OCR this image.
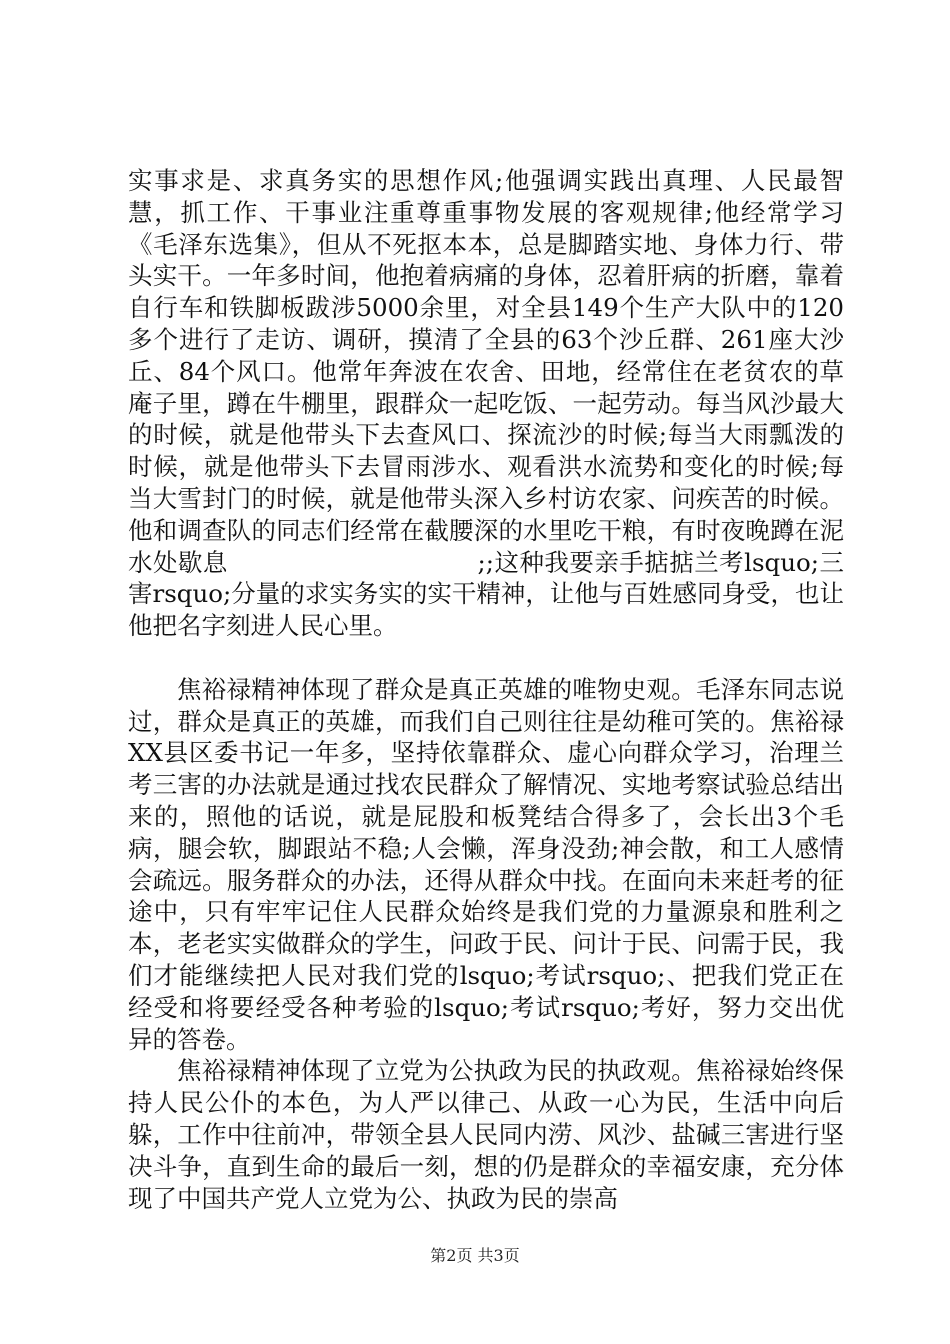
实事求是、求真务实的思想作风;他强调实践出真理、人民最智慧，抓工作、干事业注重尊重事物发展的客观规律;他经常学习《毛泽东选集》，但从不死抠本本，总是脚踏实地、身体力行、带头实干。一年多时间，他抱着病痛的身体，忍着肝病的折磨，靠着自行车和铁脚板跋涉5000余里，对全县149个生产大队中的120多个进行了走访、调研，摸清了全县的63个沙丘群、261座大沙丘、84个风口。他常年奔波在农舍、田地，经常住在老贫农的草庵子里，蹲在牛棚里，跟群众一起吃饭、一起劳动。每当风沙最大的时候，就是他带头下去查风口、探流沙的时候;每当大雨瓢泼的时候，就是他带头下去冒雨涉水、观看洪水流势和变化的时候;每当大雪封门的时候，就是他带头深入乡村访农家、问疾苦的时候。他和调查队的同志们经常在截腰深的水里吃干粮，有时夜晚蹲在泥水处歇息　　　　　　　　　　;;这种我要亲手掂掂兰考lsquo;三害rsquo;分量的求实务实的实干精神，让他与百姓感同身受，也让他把名字刻进人民心里。

焦裕禄精神体现了群众是真正英雄的唯物史观。毛泽东同志说过，群众是真正的英雄，而我们自己则往往是幼稚可笑的。焦裕禄XX县区委书记一年多，坚持依靠群众、虚心向群众学习，治理兰考三害的办法就是通过找农民群众了解情况、实地考察试验总结出来的，照他的话说，就是屁股和板凳结合得多了，会长出3个毛病，腿会软，脚跟站不稳;人会懒，浑身没劲;神会散，和工人感情会疏远。服务群众的办法，还得从群众中找。在面向未来赶考的征途中，只有牢牢记住人民群众始终是我们党的力量源泉和胜利之本，老老实实做群众的学生，问政于民、问计于民、问需于民，我们才能继续把人民对我们党的lsquo;考试rsquo;、把我们党正在经受和将要经受各种考验的lsquo;考试rsquo;考好，努力交出优异的答卷。

焦裕禄精神体现了立党为公执政为民的执政观。焦裕禄始终保持人民公仆的本色，为人严以律己、从政一心为民，生活中向后躲，工作中往前冲，带领全县人民同内涝、风沙、盐碱三害进行坚决斗争，直到生命的最后一刻，想的仍是群众的幸福安康，充分体现了中国共产党人立党为公、执政为民的崇高

第2页 共3页
